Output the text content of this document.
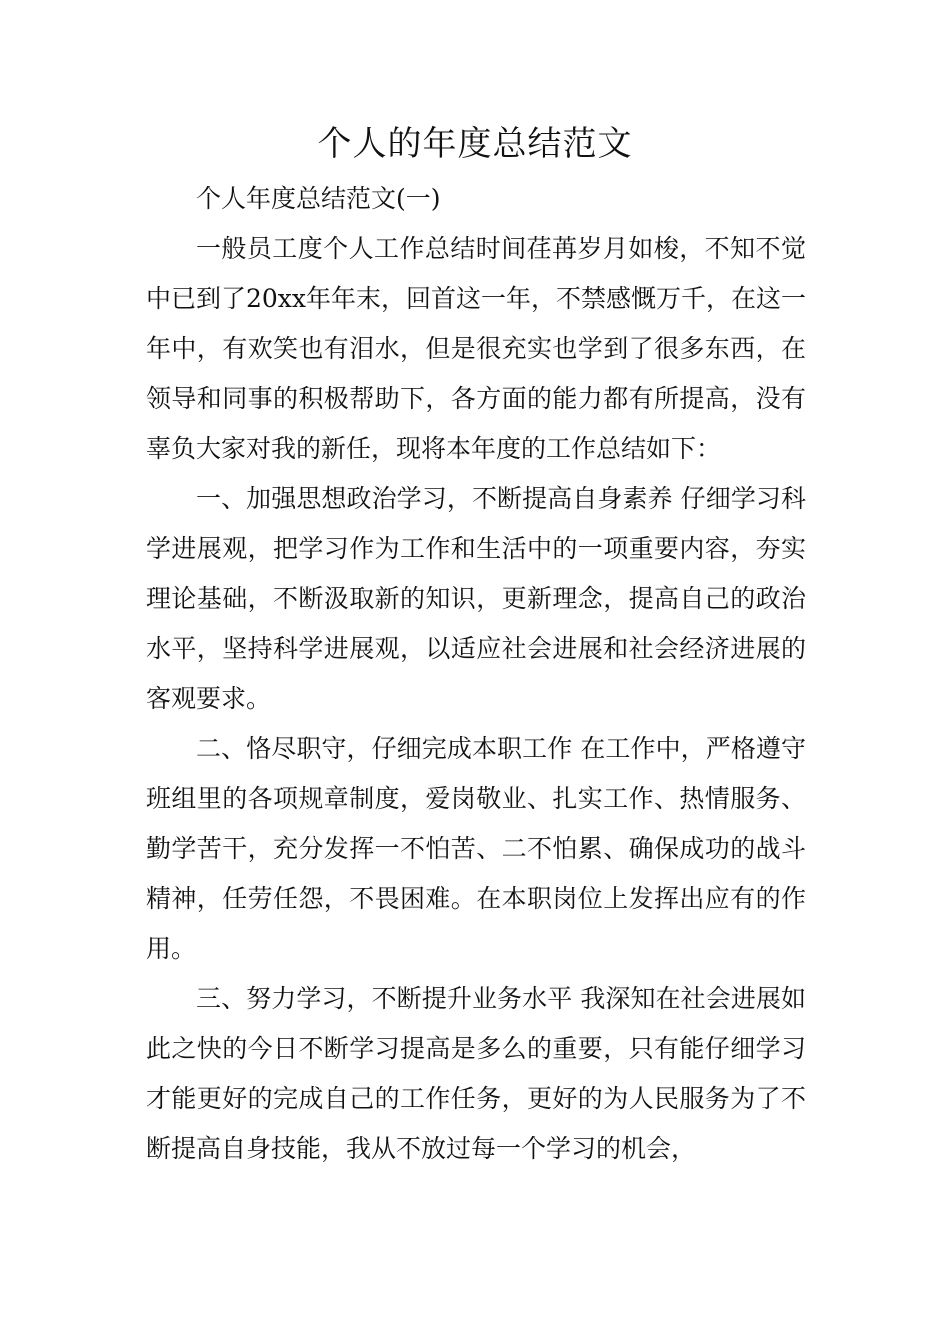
个人的年度总结范文

个人年度总结范文(一)

一般员工度个人工作总结时间荏苒岁月如梭，不知不觉中已到了20xx年年末，回首这一年，不禁感慨万千，在这一年中，有欢笑也有泪水，但是很充实也学到了很多东西，在领导和同事的积极帮助下，各方面的能力都有所提高，没有辜负大家对我的新任，现将本年度的工作总结如下：

一、加强思想政治学习，不断提高自身素养 仔细学习科学进展观，把学习作为工作和生活中的一项重要内容，夯实理论基础，不断汲取新的知识，更新理念，提高自己的政治水平，坚持科学进展观，以适应社会进展和社会经济进展的客观要求。

二、恪尽职守，仔细完成本职工作 在工作中，严格遵守班组里的各项规章制度，爱岗敬业、扎实工作、热情服务、勤学苦干，充分发挥一不怕苦、二不怕累、确保成功的战斗精神，任劳任怨，不畏困难。在本职岗位上发挥出应有的作用。

三、努力学习，不断提升业务水平 我深知在社会进展如此之快的今日不断学习提高是多么的重要，只有能仔细学习才能更好的完成自己的工作任务，更好的为人民服务为了不断提高自身技能，我从不放过每一个学习的机会，
